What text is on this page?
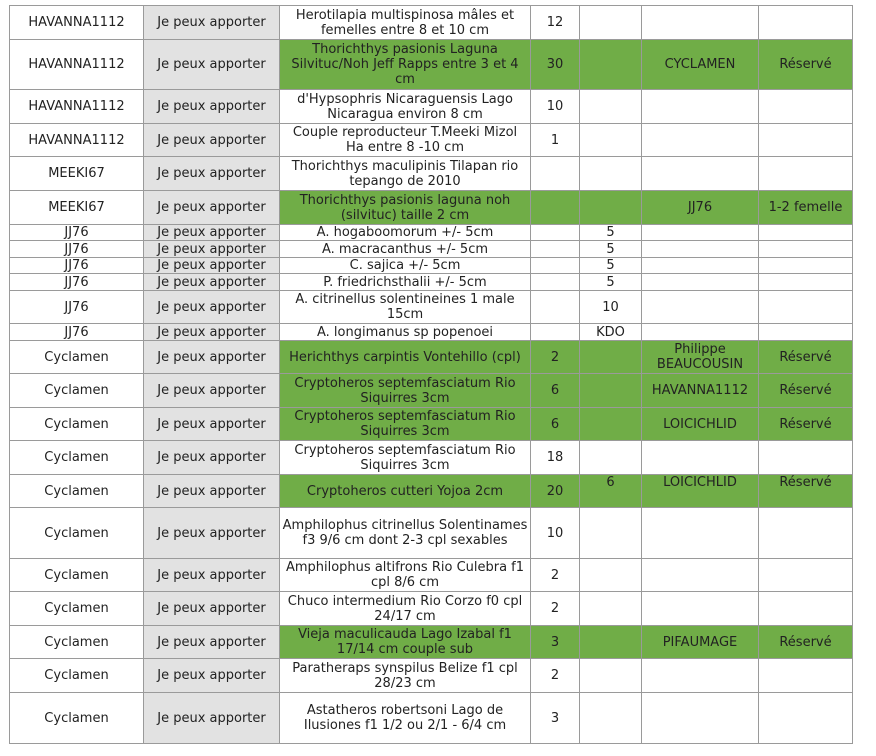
HAVANNA1112	Je peux apporter	Herotilapia multispinosa mâles et femelles entre 8 et 10 cm	12			
HAVANNA1112	Je peux apporter	Thorichthys pasionis Laguna Silvituc/Noh Jeff Rapps entre 3 et 4 cm	30		CYCLAMEN	Réservé
HAVANNA1112	Je peux apporter	d'Hypsophris Nicaraguensis Lago Nicaragua environ 8 cm	10			
HAVANNA1112	Je peux apporter	Couple reproducteur T.Meeki Mizol Ha entre 8 -10 cm	1			
MEEKI67	Je peux apporter	Thorichthys maculipinis Tilapan rio tepango de 2010				
MEEKI67	Je peux apporter	Thorichthys pasionis laguna noh (silvituc) taille 2 cm			JJ76	1-2 femelle
JJ76	Je peux apporter	A. hogaboomorum +/- 5cm		5		
JJ76	Je peux apporter	A. macracanthus +/- 5cm		5		
JJ76	Je peux apporter	C. sajica +/- 5cm		5		
JJ76	Je peux apporter	P. friedrichsthalii +/- 5cm		5		
JJ76	Je peux apporter	A. citrinellus solentineines 1 male 15cm		10		
JJ76	Je peux apporter	A. longimanus sp popenoei		KDO		
Cyclamen	Je peux apporter	Herichthys carpintis Vontehillo (cpl)	2		Philippe BEAUCOUSIN	Réservé
Cyclamen	Je peux apporter	Cryptoheros septemfasciatum Rio Siquirres 3cm	6		HAVANNA1112	Réservé
Cyclamen	Je peux apporter	Cryptoheros septemfasciatum Rio Siquirres 3cm	6		LOICICHLID	Réservé
Cyclamen	Je peux apporter	Cryptoheros septemfasciatum Rio Siquirres 3cm	18			
Cyclamen	Je peux apporter	Cryptoheros cutteri Yojoa 2cm	20	6	LOICICHLID	Réservé
Cyclamen	Je peux apporter	Amphilophus citrinellus Solentinames f3 9/6 cm dont 2-3 cpl sexables	10			
Cyclamen	Je peux apporter	Amphilophus altifrons Rio Culebra f1 cpl 8/6 cm	2			
Cyclamen	Je peux apporter	Chuco intermedium Rio Corzo f0 cpl 24/17 cm	2			
Cyclamen	Je peux apporter	Vieja maculicauda Lago Izabal f1 17/14 cm couple sub	3		PIFAUMAGE	Réservé
Cyclamen	Je peux apporter	Paratheraps synspilus Belize f1 cpl 28/23 cm	2			
Cyclamen	Je peux apporter	Astatheros robertsoni Lago de Ilusiones f1 1/2 ou 2/1 - 6/4 cm	3			
